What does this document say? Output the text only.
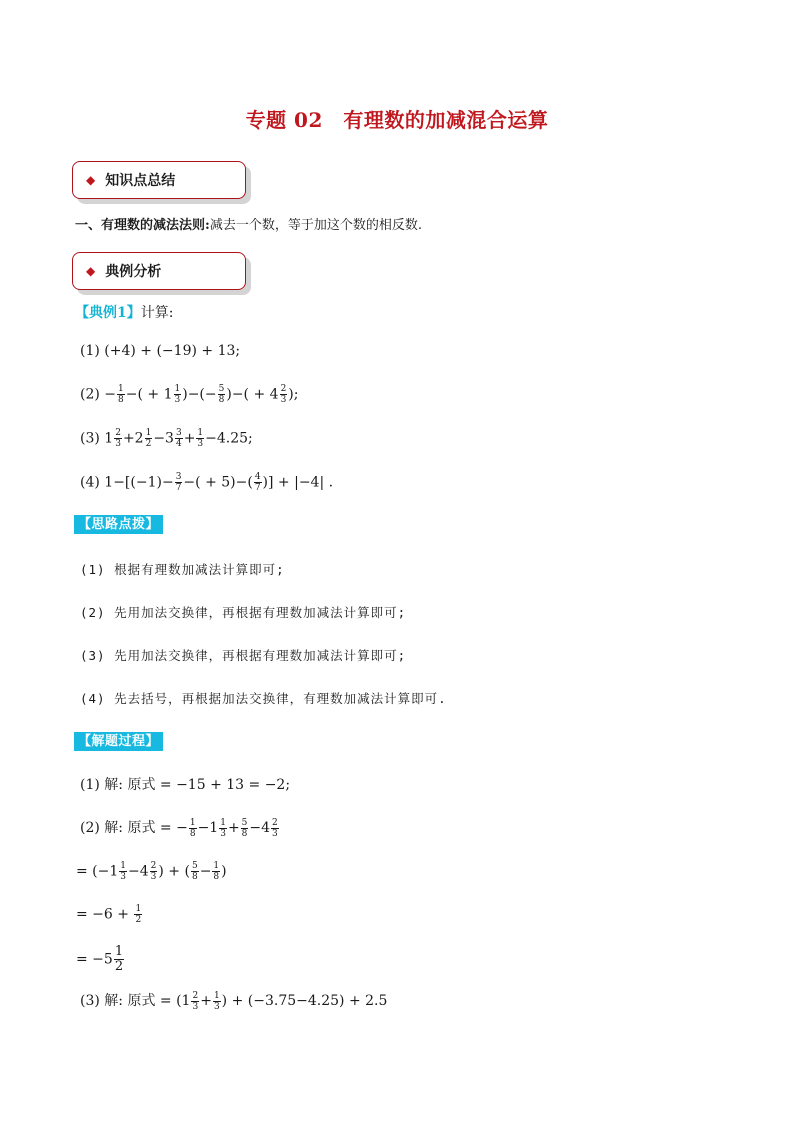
专题 02　有理数的加减混合运算
◆ 知识点总结
一、有理数的减法法则:减去一个数，等于加这个数的相反数.
◆ 典例分析
【典例1】计算:
(1) (+4) + (−19) + 13;
$(2) - \frac{1}{8}$ −( + $1 \frac{1}{3}$ )−(− $\frac{5}{8}$ )−( + $4 \frac{2}{3}$ );
(3) $1 \frac{2}{3} +2 \frac{1}{2} -3 \frac{3}{4} + \frac{1}{3} -4.25$;
(4) $1-[(-1)- \frac{3}{7}$ −( + $5)-( \frac{4}{7}$ )] + |−4| .
【思路点拨】
(1) 根据有理数加减法计算即可;
(2) 先用加法交换律，再根据有理数加减法计算即可;
(3) 先用加法交换律，再根据有理数加减法计算即可;
(4) 先去括号，再根据加法交换律，有理数加减法计算即可.
【解题过程】
(1) 解: 原式 = −15 + 13 = −2;
(2) 解: 原式 = − $\frac{1}{8} -1 \frac{1}{3} + \frac{5}{8} -4 \frac{2}{3}$
= ($-1 \frac{1}{3} -4 \frac{2}{3}$ ) + ( $\frac{5}{8} - \frac{1}{8}$ )
= $-6 + \frac{1}{2}$
= $-5 \frac{1}{2}$
(3) 解: 原式 = ($1 \frac{2}{3} + \frac{1}{3}$ ) + (−3.75−4.25) + 2.5
